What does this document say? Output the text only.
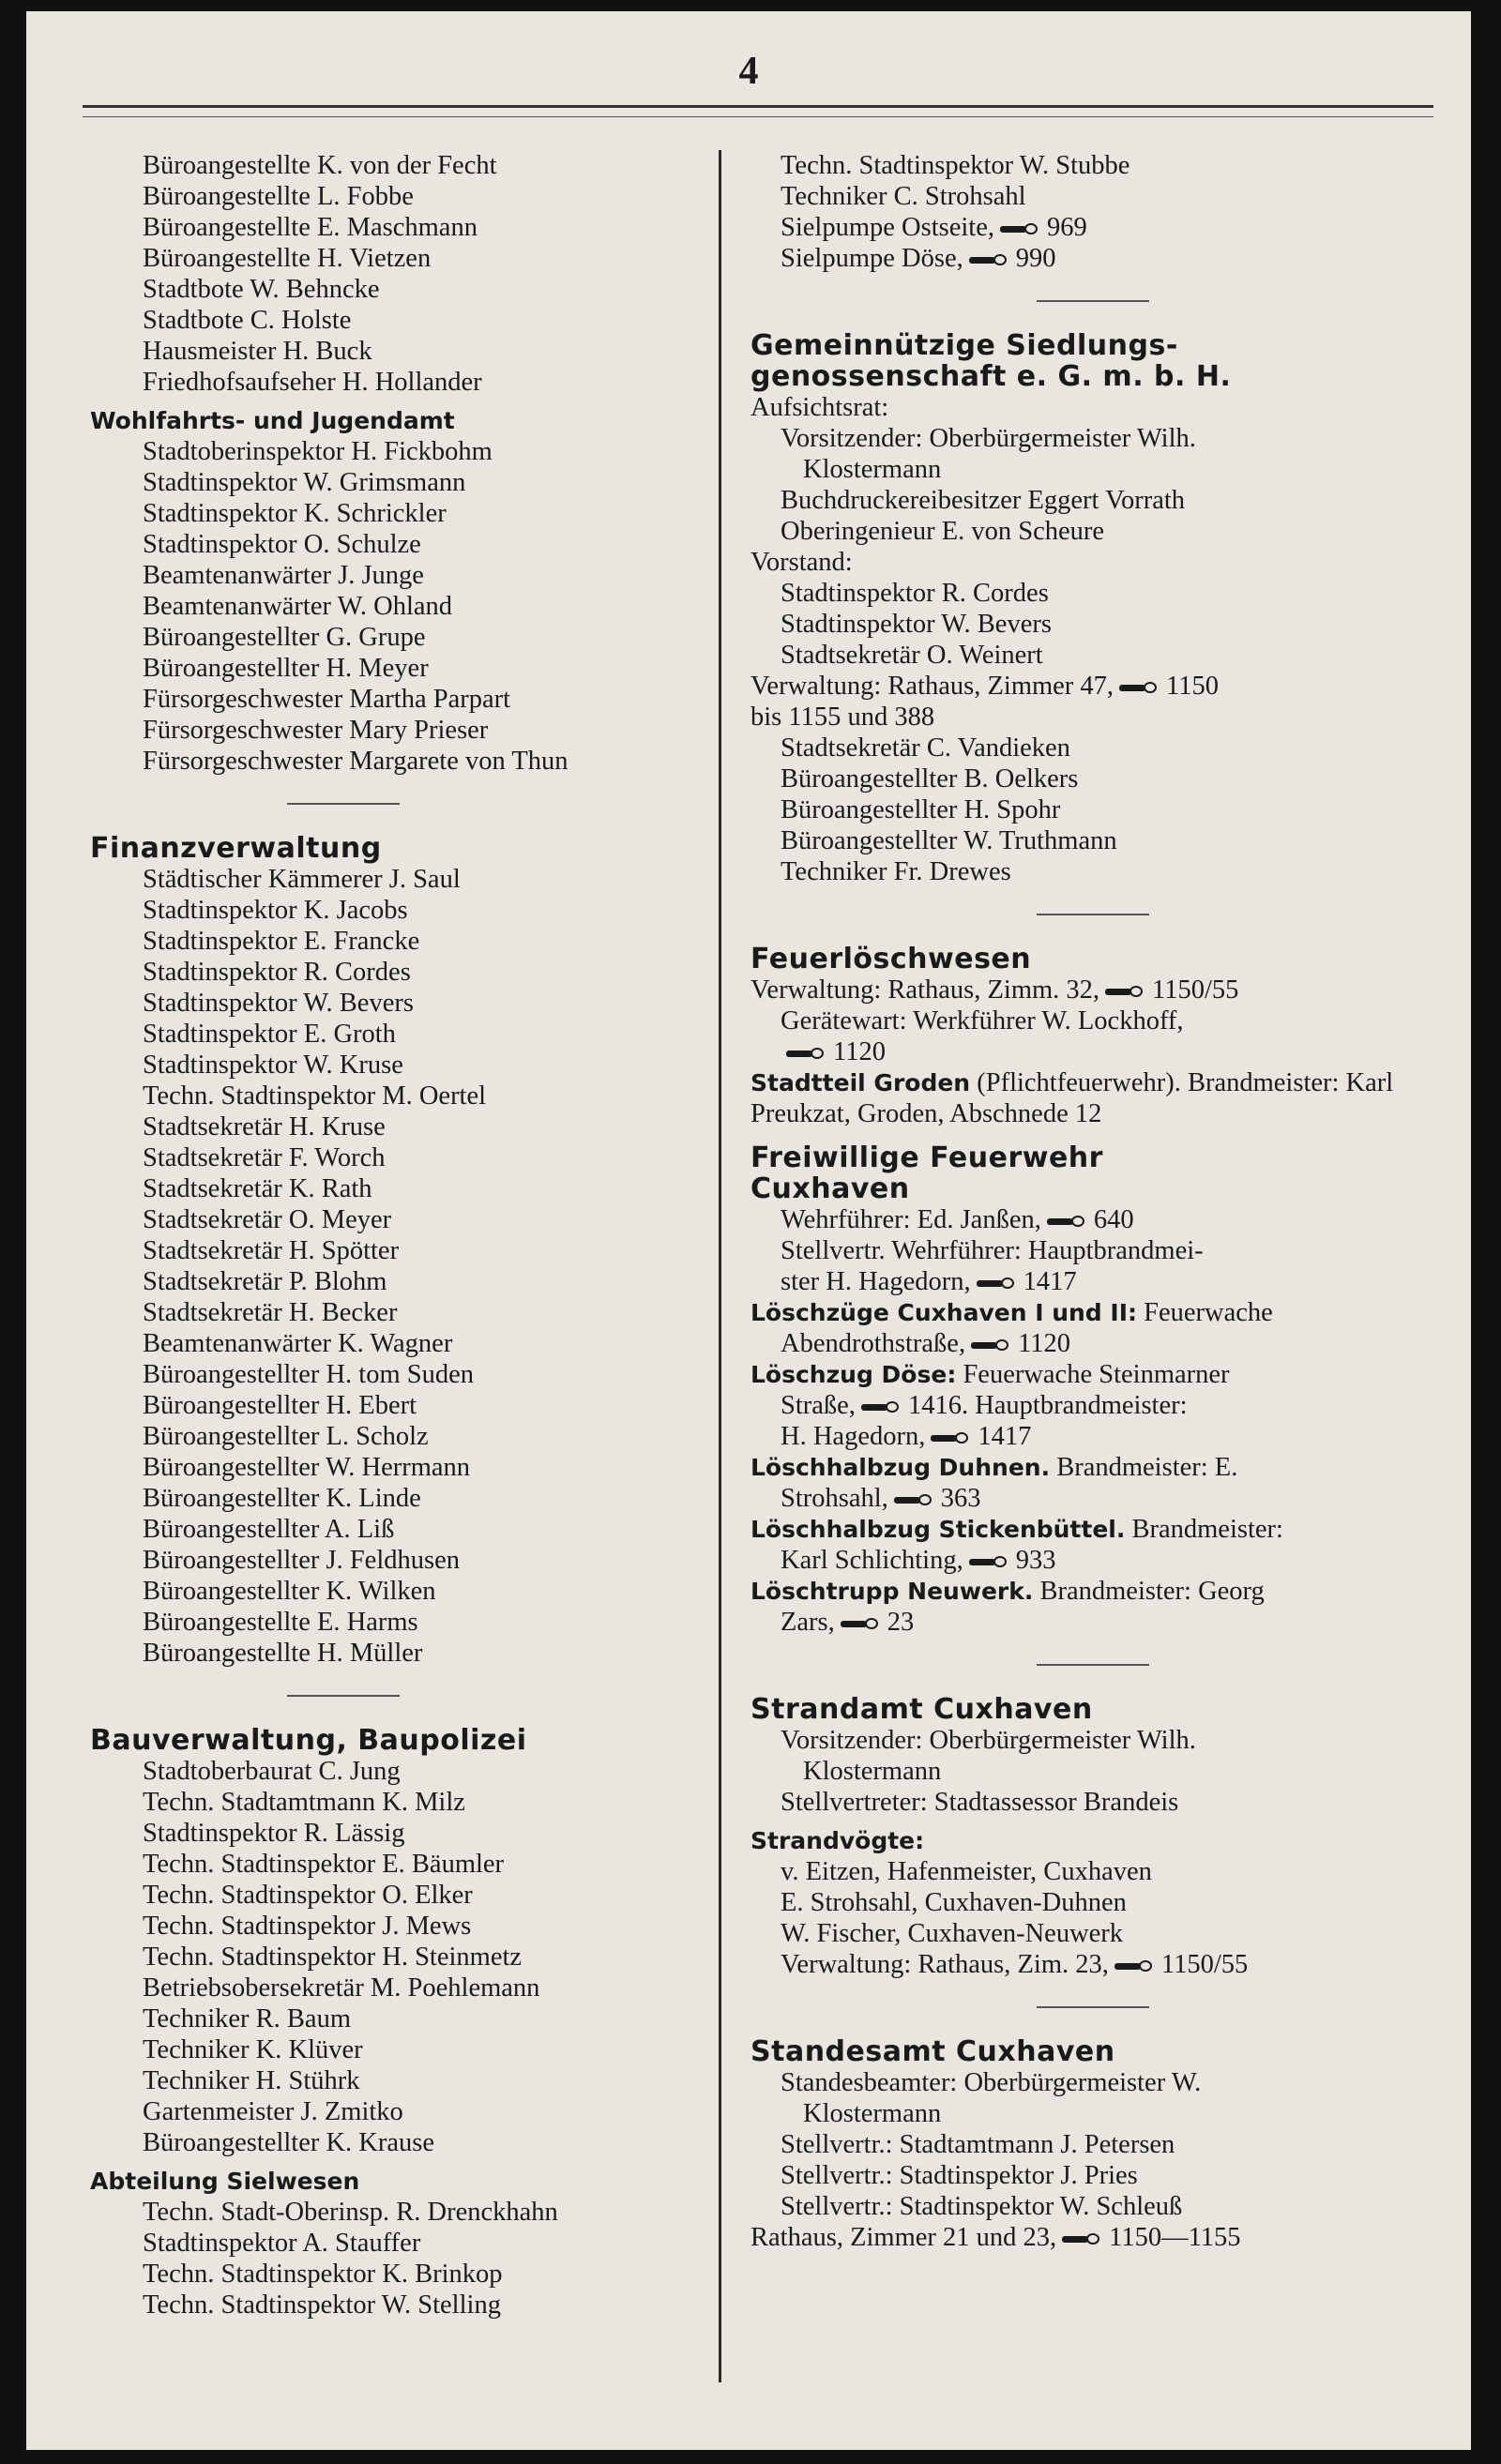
4
Büroangestellte K. von der Fecht
Büroangestellte L. Fobbe
Büroangestellte E. Maschmann
Büroangestellte H. Vietzen
Stadtbote W. Behncke
Stadtbote C. Holste
Hausmeister H. Buck
Friedhofsaufseher H. Hollander
Wohlfahrts- und Jugendamt
Stadtoberinspektor H. Fickbohm
Stadtinspektor W. Grimsmann
Stadtinspektor K. Schrickler
Stadtinspektor O. Schulze
Beamtenanwärter J. Junge
Beamtenanwärter W. Ohland
Büroangestellter G. Grupe
Büroangestellter H. Meyer
Fürsorgeschwester Martha Parpart
Fürsorgeschwester Mary Prieser
Fürsorgeschwester Margarete von Thun
Finanzverwaltung
Städtischer Kämmerer J. Saul
Stadtinspektor K. Jacobs
Stadtinspektor E. Francke
Stadtinspektor R. Cordes
Stadtinspektor W. Bevers
Stadtinspektor E. Groth
Stadtinspektor W. Kruse
Techn. Stadtinspektor M. Oertel
Stadtsekretär H. Kruse
Stadtsekretär F. Worch
Stadtsekretär K. Rath
Stadtsekretär O. Meyer
Stadtsekretär H. Spötter
Stadtsekretär P. Blohm
Stadtsekretär H. Becker
Beamtenanwärter K. Wagner
Büroangestellter H. tom Suden
Büroangestellter H. Ebert
Büroangestellter L. Scholz
Büroangestellter W. Herrmann
Büroangestellter K. Linde
Büroangestellter A. Liß
Büroangestellter J. Feldhusen
Büroangestellter K. Wilken
Büroangestellte E. Harms
Büroangestellte H. Müller
Bauverwaltung, Baupolizei
Stadtoberbaurat C. Jung
Techn. Stadtamtmann K. Milz
Stadtinspektor R. Lässig
Techn. Stadtinspektor E. Bäumler
Techn. Stadtinspektor O. Elker
Techn. Stadtinspektor J. Mews
Techn. Stadtinspektor H. Steinmetz
Betriebsobersekretär M. Poehlemann
Techniker R. Baum
Techniker K. Klüver
Techniker H. Stührk
Gartenmeister J. Zmitko
Büroangestellter K. Krause
Abteilung Sielwesen
Techn. Stadt-Oberinsp. R. Drenckhahn
Stadtinspektor A. Stauffer
Techn. Stadtinspektor K. Brinkop
Techn. Stadtinspektor W. Stelling
Techn. Stadtinspektor W. Stubbe
Techniker C. Strohsahl
Sielpumpe Ostseite, 969
Sielpumpe Döse, 990
Gemeinnützige Siedlungs-
genossenschaft e. G. m. b. H.
Aufsichtsrat:
Vorsitzender: Oberbürgermeister Wilh.
Klostermann
Buchdruckereibesitzer Eggert Vorrath
Oberingenieur E. von Scheure
Vorstand:
Stadtinspektor R. Cordes
Stadtinspektor W. Bevers
Stadtsekretär O. Weinert
Verwaltung: Rathaus, Zimmer 47, 1150
bis 1155 und 388
Stadtsekretär C. Vandieken
Büroangestellter B. Oelkers
Büroangestellter H. Spohr
Büroangestellter W. Truthmann
Techniker Fr. Drewes
Feuerlöschwesen
Verwaltung: Rathaus, Zimm. 32, 1150/55
Gerätewart: Werkführer W. Lockhoff,
1120
Stadtteil Groden (Pflichtfeuerwehr). Brandmeister: Karl Preukzat, Groden, Abschnede 12
Freiwillige Feuerwehr
Cuxhaven
Wehrführer: Ed. Janßen, 640
Stellvertr. Wehrführer: Hauptbrandmei-
ster H. Hagedorn, 1417
Löschzüge Cuxhaven I und II: Feuerwache
Abendrothstraße, 1120
Löschzug Döse: Feuerwache Steinmarner
Straße, 1416. Hauptbrandmeister:
H. Hagedorn, 1417
Löschhalbzug Duhnen. Brandmeister: E.
Strohsahl, 363
Löschhalbzug Stickenbüttel. Brandmeister:
Karl Schlichting, 933
Löschtrupp Neuwerk. Brandmeister: Georg
Zars, 23
Strandamt Cuxhaven
Vorsitzender: Oberbürgermeister Wilh.
Klostermann
Stellvertreter: Stadtassessor Brandeis
Strandvögte:
v. Eitzen, Hafenmeister, Cuxhaven
E. Strohsahl, Cuxhaven-Duhnen
W. Fischer, Cuxhaven-Neuwerk
Verwaltung: Rathaus, Zim. 23, 1150/55
Standesamt Cuxhaven
Standesbeamter: Oberbürgermeister W.
Klostermann
Stellvertr.: Stadtamtmann J. Petersen
Stellvertr.: Stadtinspektor J. Pries
Stellvertr.: Stadtinspektor W. Schleuß
Rathaus, Zimmer 21 und 23, 1150—1155
